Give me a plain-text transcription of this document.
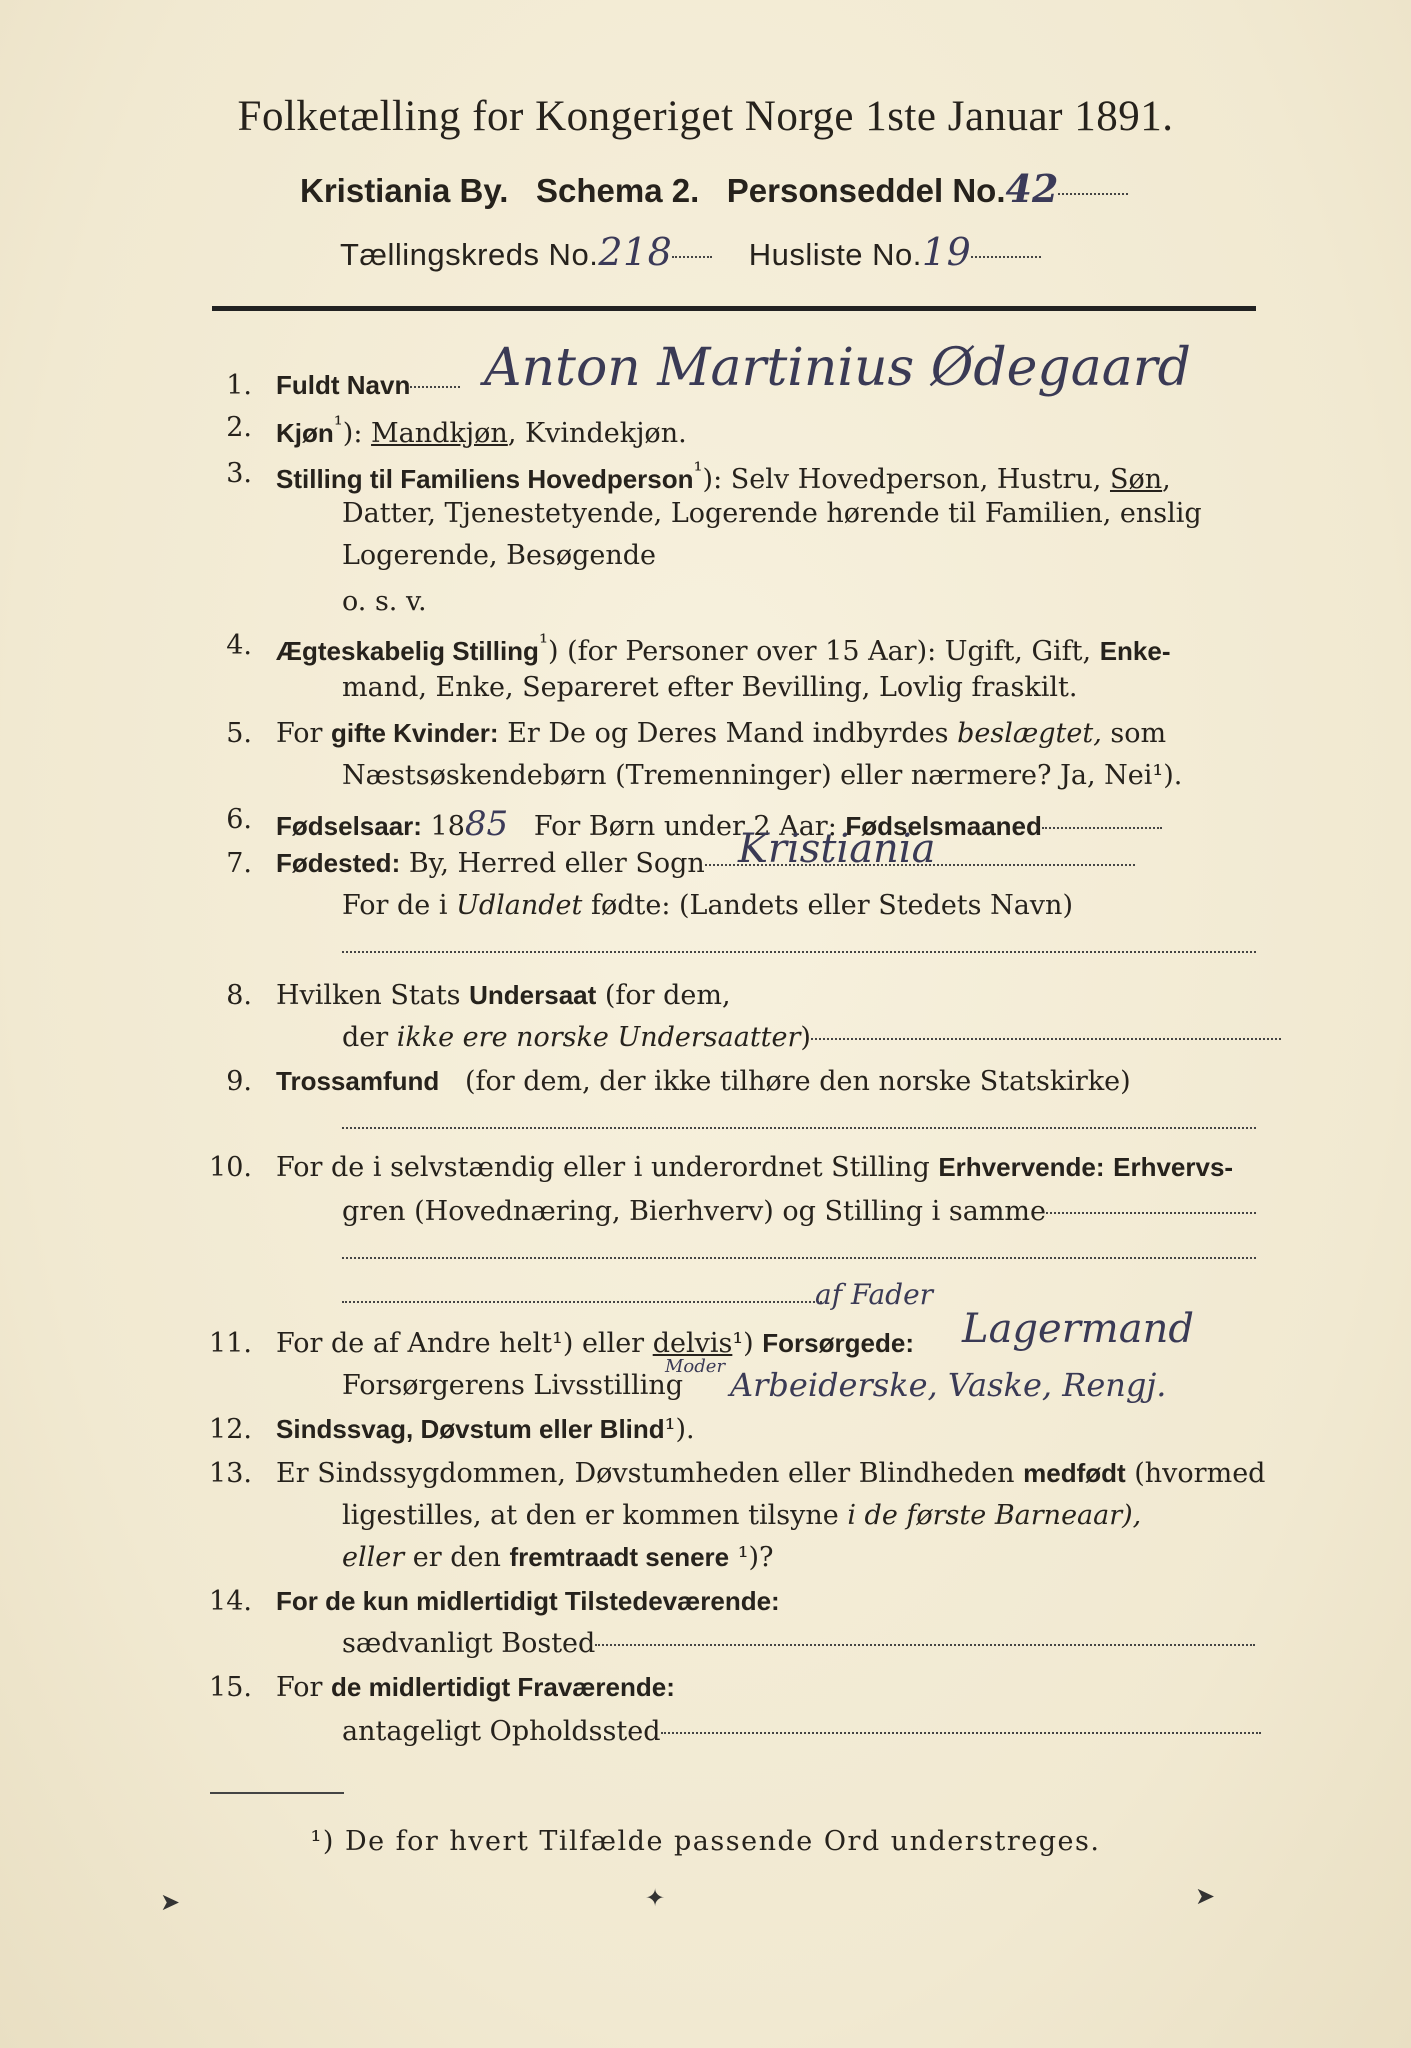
Folketælling for Kongeriget Norge 1ste Januar 1891.
Kristiania By. Schema 2. Personseddel No.42
Tællingskreds No.218 Husliste No.19
1. Fuldt Navn	Anton Martinius Ødegaard
2. Kjøn$^{^1}$): Mandkjøn, Kvindekjøn.
3. Stilling til Familiens Hovedperson$^{^1}$): Selv Hovedperson, Hustru, Søn,
Datter, Tjenestetyende, Logerende hørende til Familien, enslig
Logerende, Besøgende
o. s. v.
4. Ægteskabelig Stilling$^{^1}$) (for Personer over 15 Aar): Ugift, Gift, Enke-
mand, Enke, Separeret efter Bevilling, Lovlig fraskilt.
5. For gifte Kvinder: Er De og Deres Mand indbyrdes beslægtet, som
Næstsøskendebørn (Tremenninger) eller nærmere? Ja, Nei¹).
6. Fødselsaar: 1885 For Børn under 2 Aar: Fødselsmaaned
7. Fødested: By, Herred eller Sogn Kristiania
For de i Udlandet fødte: (Landets eller Stedets Navn)
8. Hvilken Stats Undersaat (for dem,
der ikke ere norske Undersaatter)
9. Trossamfund (for dem, der ikke tilhøre den norske Statskirke)
10. For de i selvstændig eller i underordnet Stilling Erhvervende: Erhvervs-
gren (Hovednæring, Bierhverv) og Stilling i samme
af Fader
11. For de af Andre helt¹) eller delvis¹) Forsørgede:	Lagermand
Forsørgerens Livsstilling
Moder Arbeiderske, Vaske, Rengj.
12. Sindssvag, Døvstum eller Blind¹).
13. Er Sindssygdommen, Døvstumheden eller Blindheden medfødt (hvormed
ligestilles, at den er kommen tilsyne i de første Barneaar),
eller er den fremtraadt senere ¹)?
14. For de kun midlertidigt Tilstedeværende:
sædvanligt Bosted
15. For de midlertidigt Fraværende:
antageligt Opholdssted
¹) De for hvert Tilfælde passende Ord understreges.
➤	✦	➤
